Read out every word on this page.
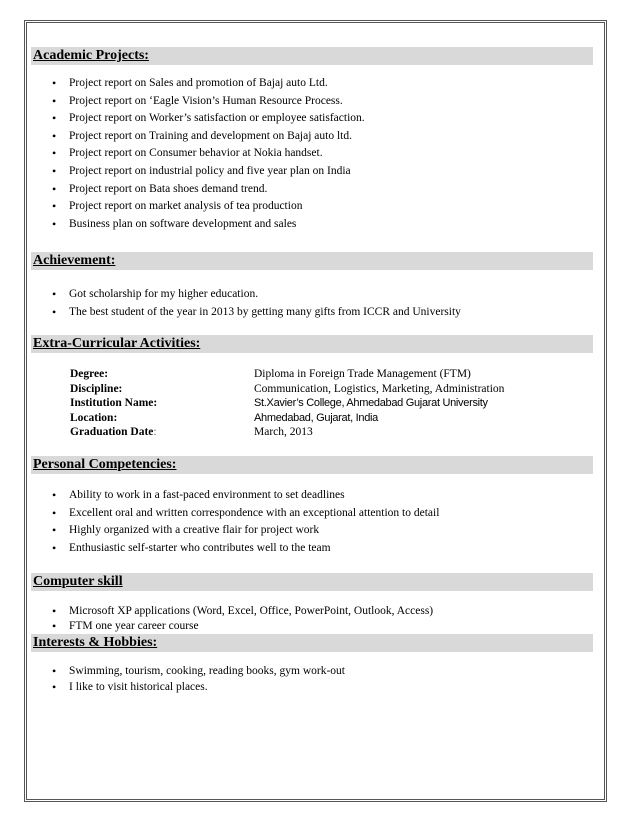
Academic Projects:
• Project report on Sales and promotion of Bajaj auto Ltd.
• Project report on ‘Eagle Vision’s Human Resource Process.
• Project report on Worker’s satisfaction or employee satisfaction.
• Project report on Training and development on Bajaj auto ltd.
• Project report on Consumer behavior at Nokia handset.
• Project report on industrial policy and five year plan on India
• Project report on Bata shoes demand trend.
• Project report on market analysis of tea production
• Business plan on software development and sales
Achievement:
• Got scholarship for my higher education.
• The best student of the year in 2013 by getting many gifts from ICCR and University
Extra-Curricular Activities:
Degree:	Diploma in Foreign Trade Management (FTM)
Discipline:	Communication, Logistics, Marketing, Administration
Institution Name:	St.Xavier’s College, Ahmedabad Gujarat University
Location:	Ahmedabad, Gujarat, India
Graduation Date:	March, 2013
Personal Competencies:
• Ability to work in a fast-paced environment to set deadlines
• Excellent oral and written correspondence with an exceptional attention to detail
• Highly organized with a creative flair for project work
• Enthusiastic self-starter who contributes well to the team
Computer skill
• Microsoft XP applications (Word, Excel, Office, PowerPoint, Outlook, Access)
• FTM one year career course
Interests & Hobbies:
• Swimming, tourism, cooking, reading books, gym work-out
• I like to visit historical places.
